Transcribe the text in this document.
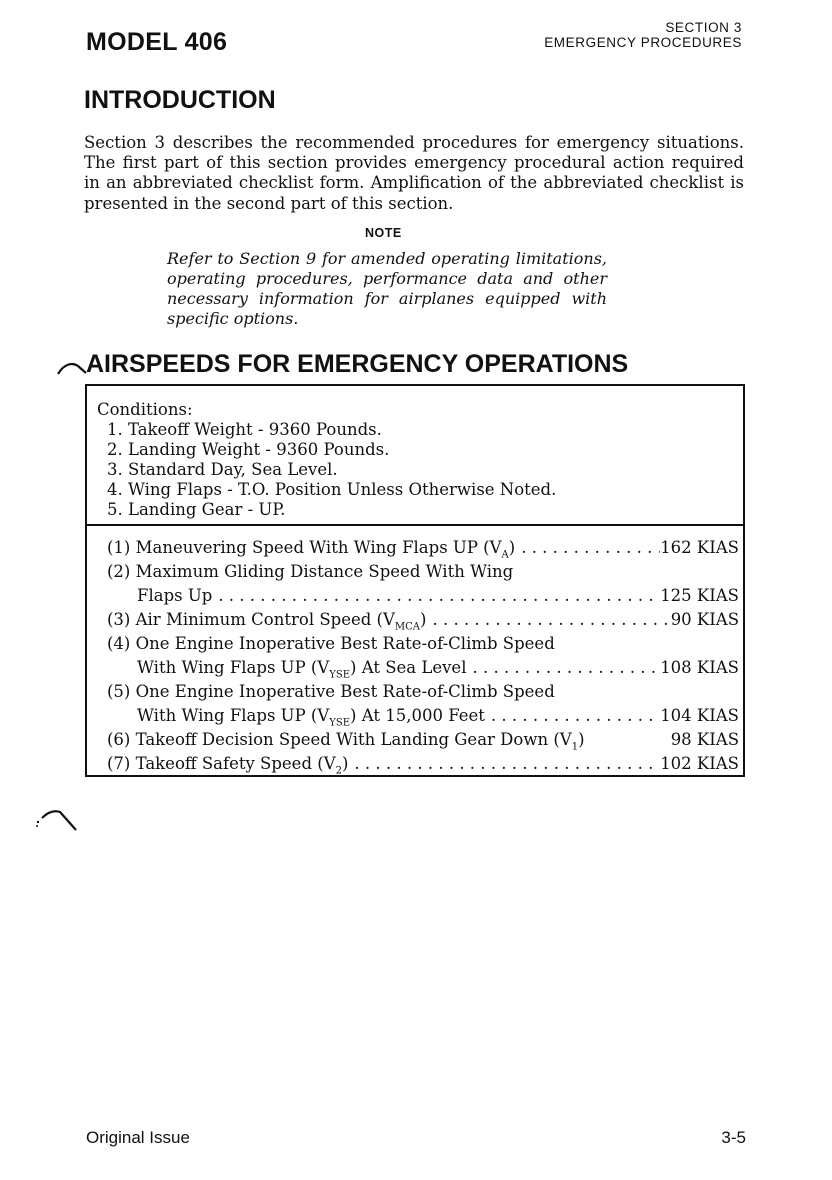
MODEL 406
SECTION 3
EMERGENCY PROCEDURES
INTRODUCTION

Section 3 describes the recommended procedures for emergency situations. The first part of this section provides emergency procedural action required in an abbreviated checklist form. Amplification of the abbreviated checklist is presented in the second part of this section.

NOTE

Refer to Section 9 for amended operating limitations, operating procedures, performance data and other necessary information for airplanes equipped with specific options.

AIRSPEEDS FOR EMERGENCY OPERATIONS
Conditions:
1. Takeoff Weight - 9360 Pounds.
2. Landing Weight - 9360 Pounds.
3. Standard Day, Sea Level.
4. Wing Flaps - T.O. Position Unless Otherwise Noted.
5. Landing Gear - UP.
(1) Maneuvering Speed With Wing Flaps UP $(V_A)$ . . .	162 KIAS
(2) Maximum Gliding Distance Speed With Wing
Flaps Up . . .	125 KIAS
(3) Air Minimum Control Speed $(V_{MCA})$ . . .	90 KIAS
(4) One Engine Inoperative Best Rate-of-Climb Speed
With Wing Flaps UP $(V_{YSE})$ At Sea Level . . .	108 KIAS
(5) One Engine Inoperative Best Rate-of-Climb Speed
With Wing Flaps UP $(V_{YSE})$ At 15,000 Feet . . .	104 KIAS
(6) Takeoff Decision Speed With Landing Gear Down $(V_1)$	98 KIAS
(7) Takeoff Safety Speed $(V_2)$ . . .	102 KIAS
Original Issue	3-5
